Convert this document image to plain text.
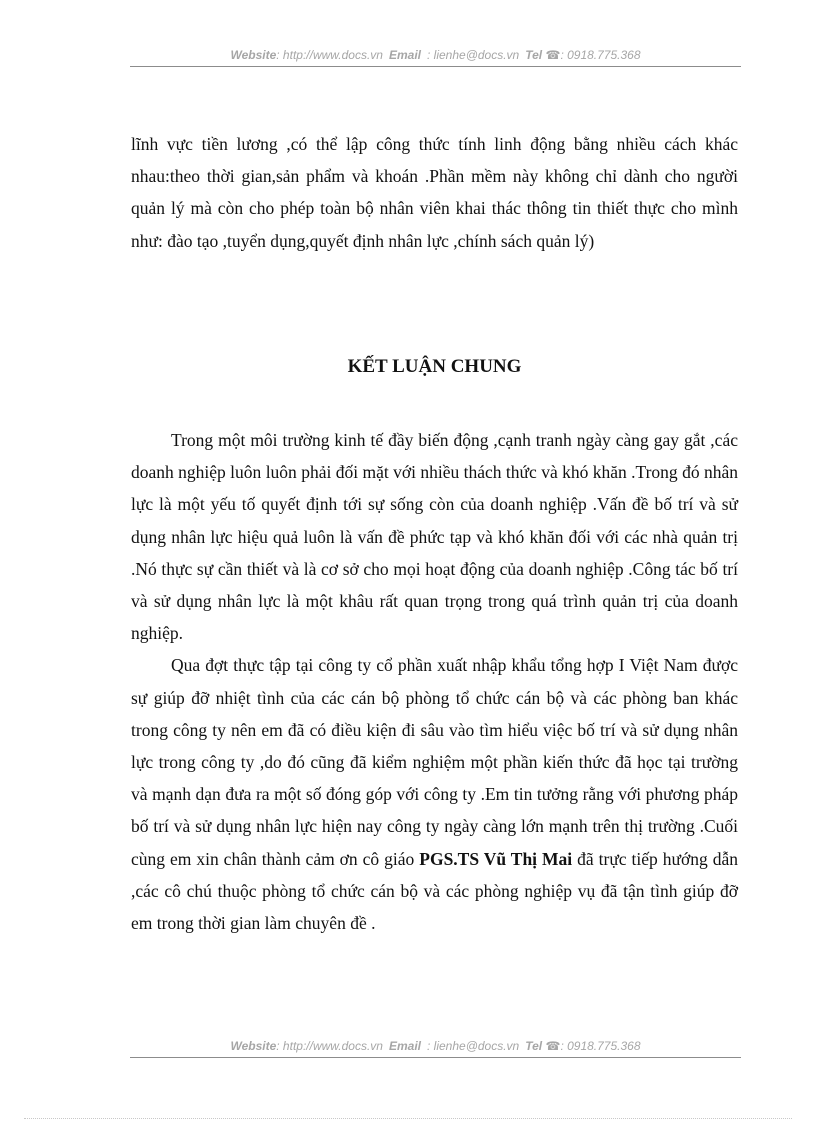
Website: http://www.docs.vn Email : lienhe@docs.vn Tel ☎: 0918.775.368

lĩnh vực tiền lương ,có thể lập công thức tính linh động bằng nhiều cách khác nhau:theo thời gian,sản phẩm và khoán .Phần mềm này không chỉ dành cho người quản lý mà còn cho phép toàn bộ nhân viên khai thác thông tin thiết thực cho mình như: đào tạo ,tuyển dụng,quyết định nhân lực ,chính sách quản lý)

KẾT LUẬN CHUNG

Trong một môi trường kinh tế đầy biến động ,cạnh tranh ngày càng gay gắt ,các doanh nghiệp luôn luôn phải đối mặt với nhiều thách thức và khó khăn .Trong đó nhân lực là một yếu tố quyết định tới sự sống còn của doanh nghiệp .Vấn đề bố trí và sử dụng nhân lực hiệu quả luôn là vấn đề phức tạp và khó khăn đối với các nhà quản trị .Nó thực sự cần thiết và là cơ sở cho mọi hoạt động của doanh nghiệp .Công tác bố trí và sử dụng nhân lực là một khâu rất quan trọng trong quá trình quản trị của doanh nghiệp.

Qua đợt thực tập tại công ty cổ phần xuất nhập khẩu tổng hợp I Việt Nam được sự giúp đỡ nhiệt tình của các cán bộ phòng tổ chức cán bộ và các phòng ban khác trong công ty nên em đã có điều kiện đi sâu vào tìm hiểu việc bố trí và sử dụng nhân lực trong công ty ,do đó cũng đã kiểm nghiệm một phần kiến thức đã học tại trường và mạnh dạn đưa ra một số đóng góp với công ty .Em tin tưởng rằng với phương pháp bố trí và sử dụng nhân lực hiện nay công ty ngày càng lớn mạnh trên thị trường .Cuối cùng em xin chân thành cảm ơn cô giáo PGS.TS Vũ Thị Mai đã trực tiếp hướng dẫn ,các cô chú thuộc phòng tổ chức cán bộ và các phòng nghiệp vụ đã tận tình giúp đỡ em trong thời gian làm chuyên đề .

Website: http://www.docs.vn Email : lienhe@docs.vn Tel ☎: 0918.775.368
